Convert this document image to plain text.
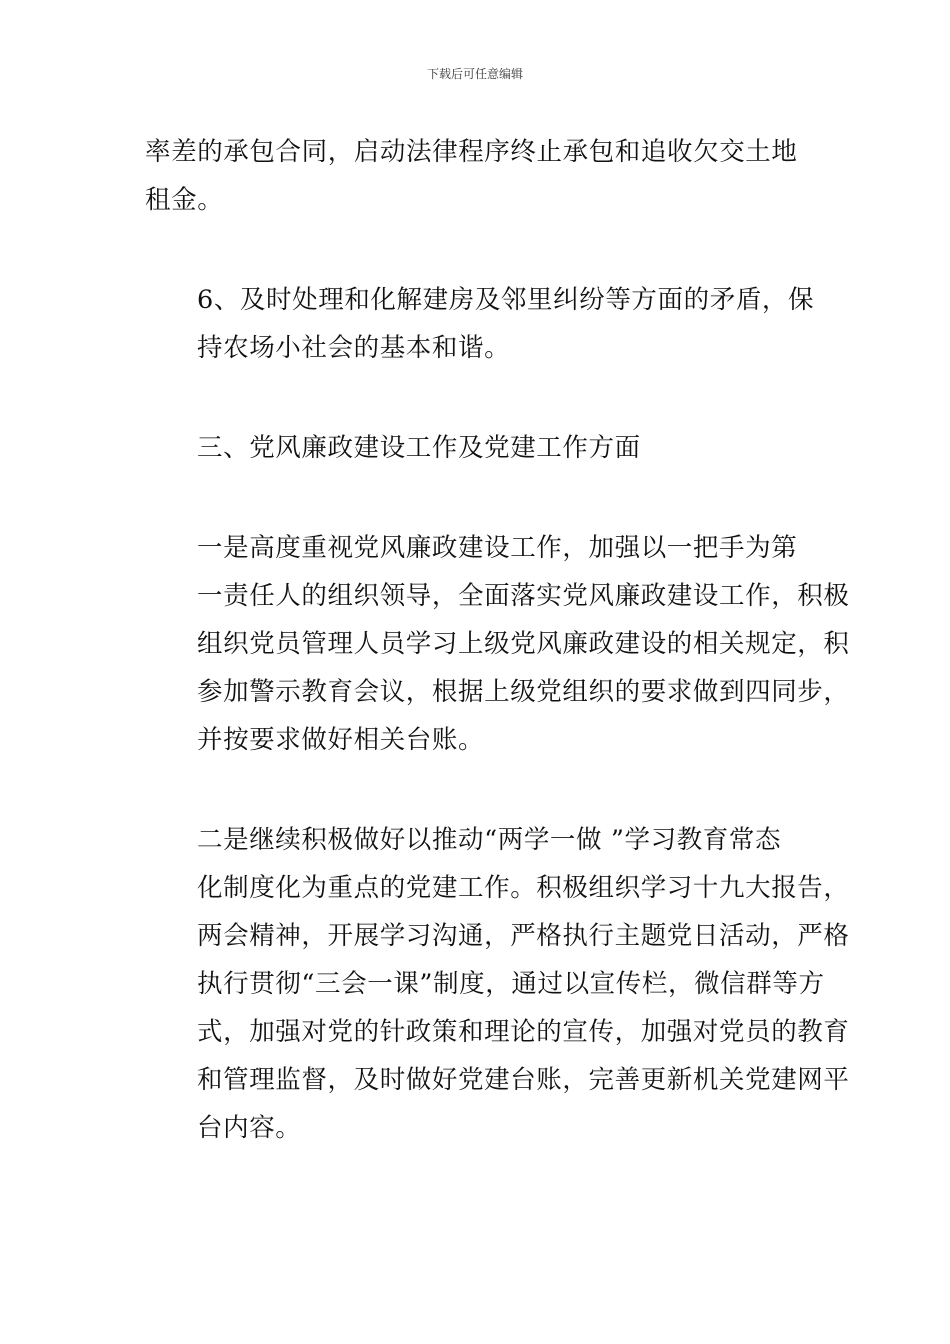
下载后可任意编辑

率差的承包合同，启动法律程序终止承包和追收欠交土地
租金。

6、及时处理和化解建房及邻里纠纷等方面的矛盾，保
持农场小社会的基本和谐。

三、党风廉政建设工作及党建工作方面

一是高度重视党风廉政建设工作，加强以一把手为第
一责任人的组织领导，全面落实党风廉政建设工作，积极
组织党员管理人员学习上级党风廉政建设的相关规定，积
参加警示教育会议，根据上级党组织的要求做到四同步，
并按要求做好相关台账。

二是继续积极做好以推动“两学一做 ”学习教育常态
化制度化为重点的党建工作。积极组织学习十九大报告，
两会精神，开展学习沟通，严格执行主题党日活动，严格
执行贯彻“三会一课”制度，通过以宣传栏，微信群等方
式，加强对党的针政策和理论的宣传，加强对党员的教育
和管理监督，及时做好党建台账，完善更新机关党建网平
台内容。
